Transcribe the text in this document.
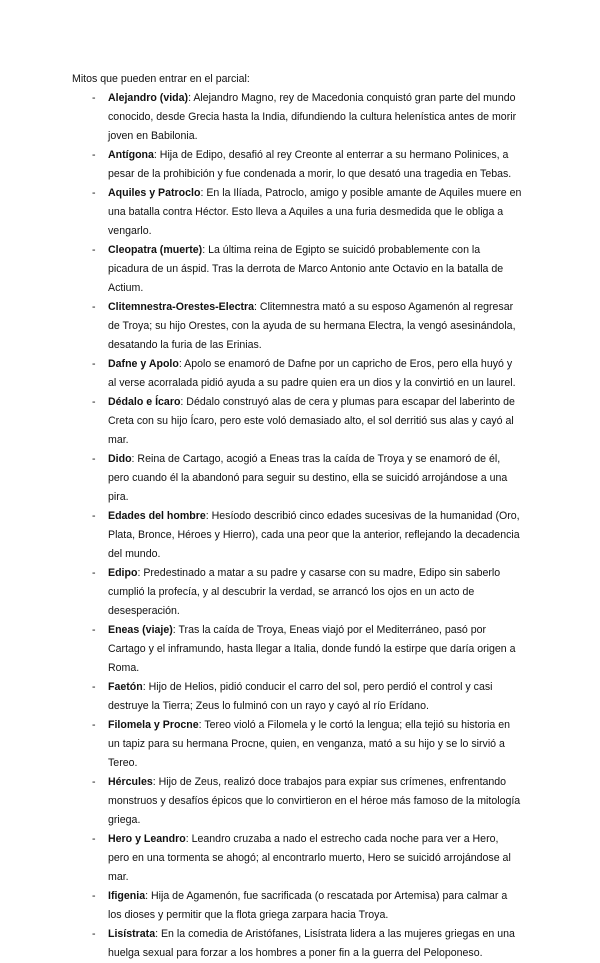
Mitos que pueden entrar en el parcial:

- Alejandro (vida): Alejandro Magno, rey de Macedonia conquistó gran parte del mundo conocido, desde Grecia hasta la India, difundiendo la cultura helenística antes de morir joven en Babilonia.
- Antígona: Hija de Edipo, desafió al rey Creonte al enterrar a su hermano Polinices, a pesar de la prohibición y fue condenada a morir, lo que desató una tragedia en Tebas.
- Aquiles y Patroclo: En la Ilíada, Patroclo, amigo y posible amante de Aquiles muere en una batalla contra Héctor. Esto lleva a Aquiles a una furia desmedida que le obliga a vengarlo.
- Cleopatra (muerte): La última reina de Egipto se suicidó probablemente con la picadura de un áspid. Tras la derrota de Marco Antonio ante Octavio en la batalla de Actium.
- Clitemnestra-Orestes-Electra: Clitemnestra mató a su esposo Agamenón al regresar de Troya; su hijo Orestes, con la ayuda de su hermana Electra, la vengó asesinándola, desatando la furia de las Erinias.
- Dafne y Apolo: Apolo se enamoró de Dafne por un capricho de Eros, pero ella huyó y al verse acorralada pidió ayuda a su padre quien era un dios y la convirtió en un laurel.
- Dédalo e Ícaro: Dédalo construyó alas de cera y plumas para escapar del laberinto de Creta con su hijo Ícaro, pero este voló demasiado alto, el sol derritió sus alas y cayó al mar.
- Dido: Reina de Cartago, acogió a Eneas tras la caída de Troya y se enamoró de él, pero cuando él la abandonó para seguir su destino, ella se suicidó arrojándose a una pira.
- Edades del hombre: Hesíodo describió cinco edades sucesivas de la humanidad (Oro, Plata, Bronce, Héroes y Hierro), cada una peor que la anterior, reflejando la decadencia del mundo.
- Edipo: Predestinado a matar a su padre y casarse con su madre, Edipo sin saberlo cumplió la profecía, y al descubrir la verdad, se arrancó los ojos en un acto de desesperación.
- Eneas (viaje): Tras la caída de Troya, Eneas viajó por el Mediterráneo, pasó por Cartago y el inframundo, hasta llegar a Italia, donde fundó la estirpe que daría origen a Roma.
- Faetón: Hijo de Helios, pidió conducir el carro del sol, pero perdió el control y casi destruye la Tierra; Zeus lo fulminó con un rayo y cayó al río Erídano.
- Filomela y Procne: Tereo violó a Filomela y le cortó la lengua; ella tejió su historia en un tapiz para su hermana Procne, quien, en venganza, mató a su hijo y se lo sirvió a Tereo.
- Hércules: Hijo de Zeus, realizó doce trabajos para expiar sus crímenes, enfrentando monstruos y desafíos épicos que lo convirtieron en el héroe más famoso de la mitología griega.
- Hero y Leandro: Leandro cruzaba a nado el estrecho cada noche para ver a Hero, pero en una tormenta se ahogó; al encontrarlo muerto, Hero se suicidó arrojándose al mar.
- Ifigenia: Hija de Agamenón, fue sacrificada (o rescatada por Artemisa) para calmar a los dioses y permitir que la flota griega zarpara hacia Troya.
- Lisístrata: En la comedia de Aristófanes, Lisístrata lidera a las mujeres griegas en una huelga sexual para forzar a los hombres a poner fin a la guerra del Peloponeso.
